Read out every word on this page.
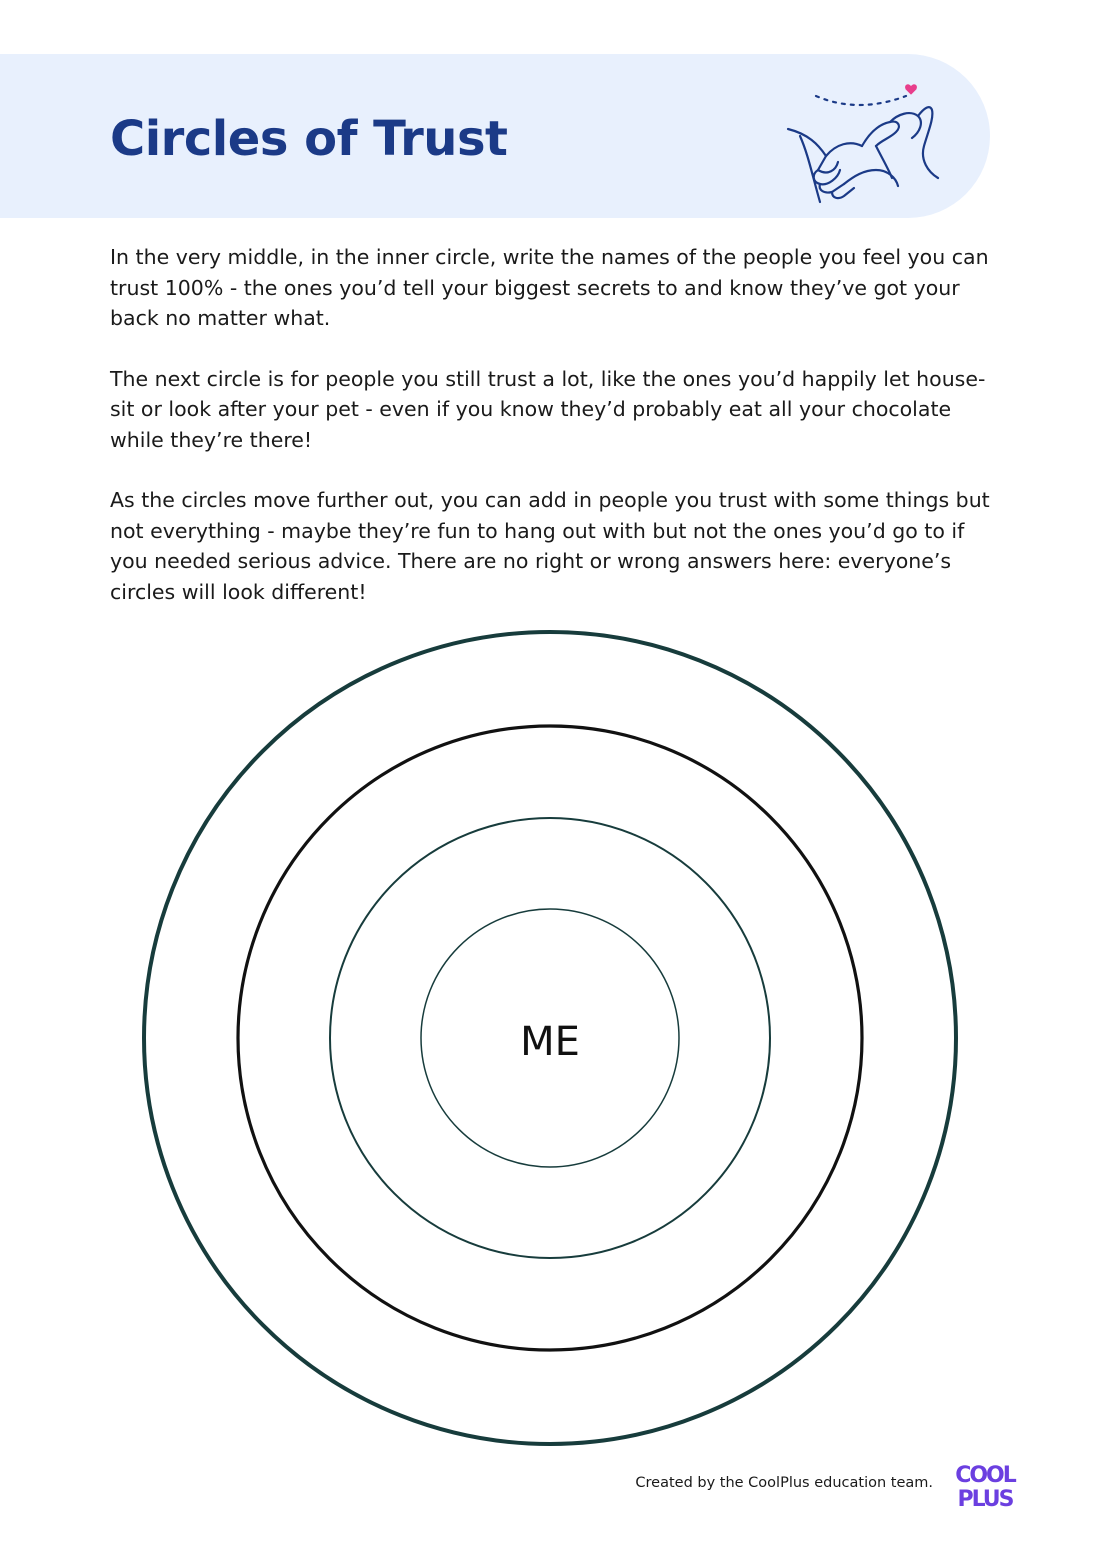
Circles of Trust

In the very middle, in the inner circle, write the names of the people you feel you can trust 100% - the ones you’d tell your biggest secrets to and know they’ve got your back no matter what.

The next circle is for people you still trust a lot, like the ones you’d happily let house-sit or look after your pet - even if you know they’d probably eat all your chocolate while they’re there!

As the circles move further out, you can add in people you trust with some things but not everything - maybe they’re fun to hang out with but not the ones you’d go to if you needed serious advice. There are no right or wrong answers here: everyone’s circles will look different!

ME
Created by the CoolPlus education team. COOL
PLUS
